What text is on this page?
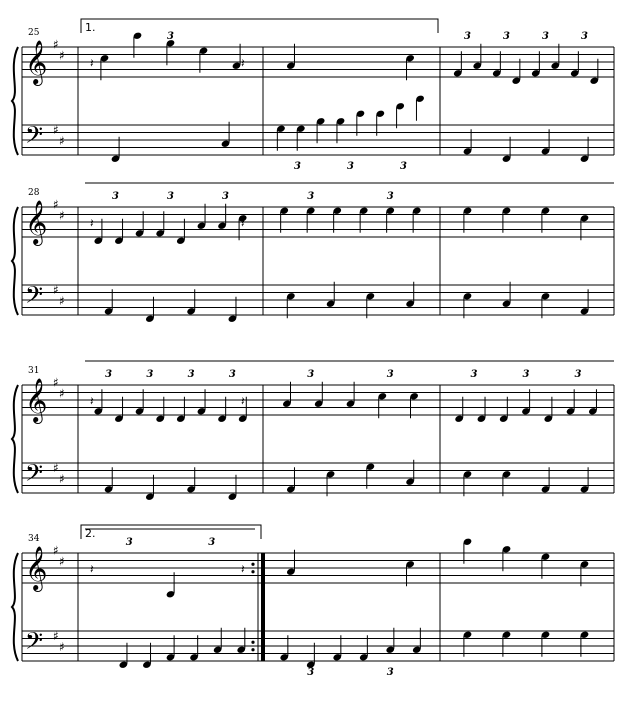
𝄞
𝄢
♯
♯
♯
♯
25	1.
3
3	3	3
3	3	3	3
𝄽	𝄽
𝄞
𝄢
♯
♯
♯
♯
28	3	3	3	3	3
𝄽	𝄽
𝄞
𝄢
♯
♯
♯
♯
31	3	3	3	3	3	3	3	3	3
𝄽	𝄽
𝄞
𝄢
♯
♯
♯
♯
34	2.
3	3
3	3
𝄽	𝄽
